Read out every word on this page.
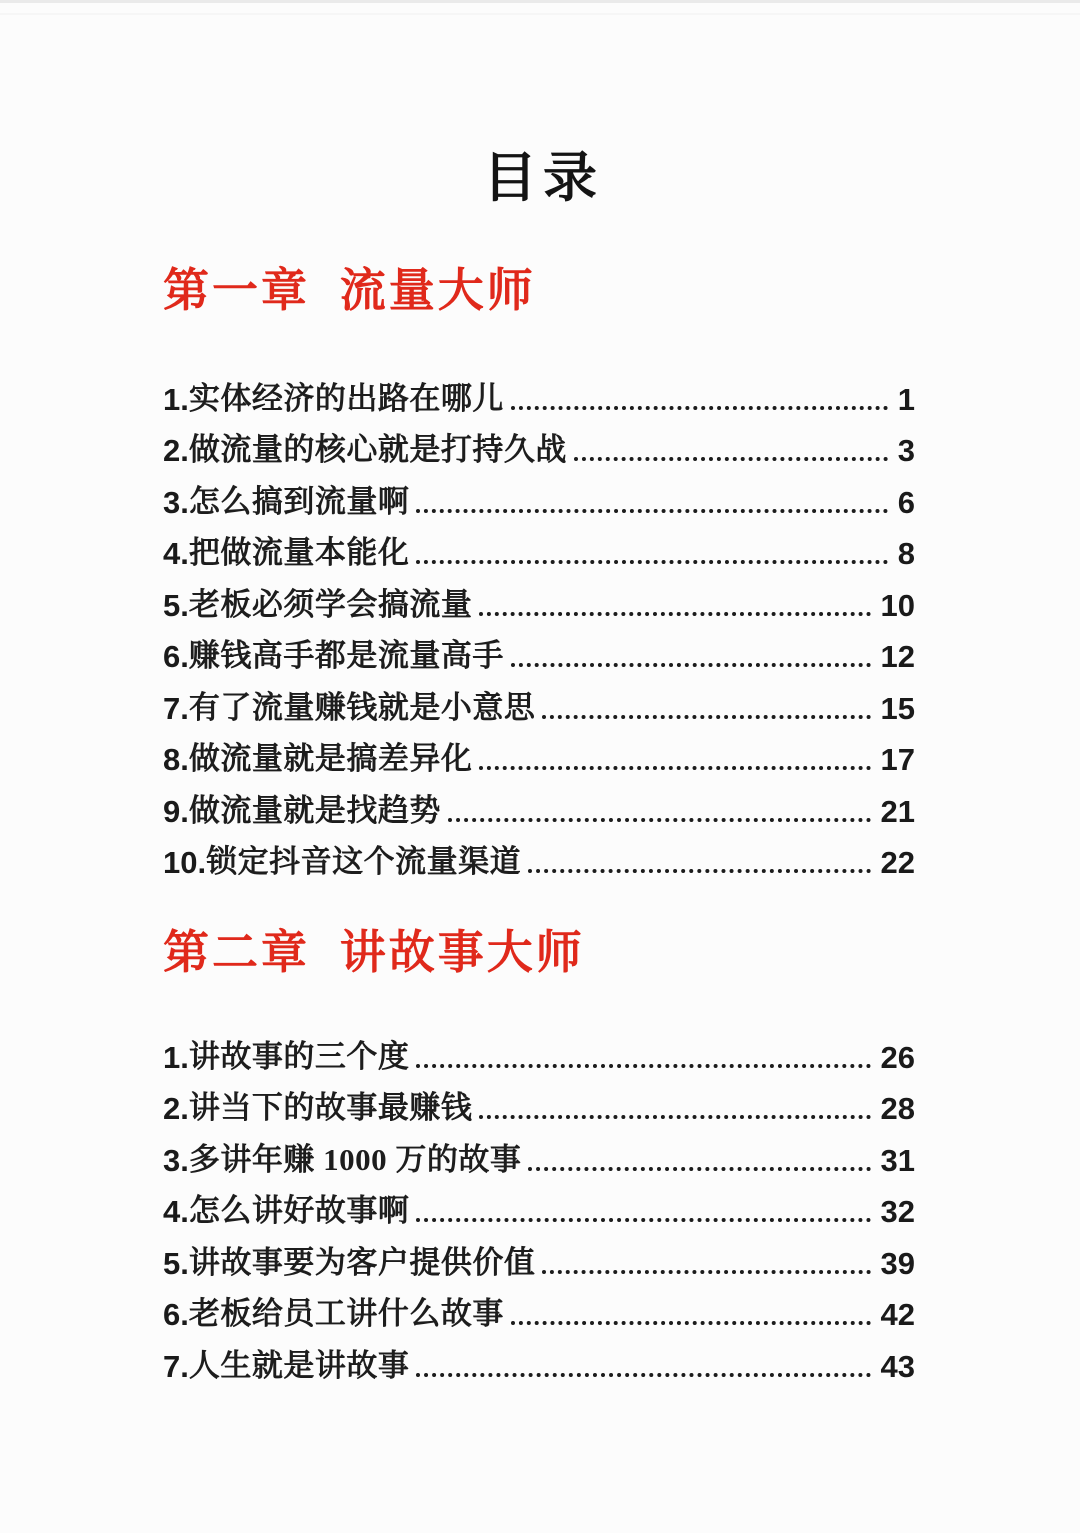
目录
第一章 流量大师
1. 实体经济的出路在哪儿	1
2. 做流量的核心就是打持久战	3
3. 怎么搞到流量啊	6
4. 把做流量本能化	8
5. 老板必须学会搞流量	10
6. 赚钱高手都是流量高手	12
7. 有了流量赚钱就是小意思	15
8. 做流量就是搞差异化	17
9. 做流量就是找趋势	21
10. 锁定抖音这个流量渠道	22
第二章 讲故事大师
1. 讲故事的三个度	26
2. 讲当下的故事最赚钱	28
3. 多讲年赚 1000 万的故事	31
4. 怎么讲好故事啊	32
5. 讲故事要为客户提供价值	39
6. 老板给员工讲什么故事	42
7. 人生就是讲故事	43
